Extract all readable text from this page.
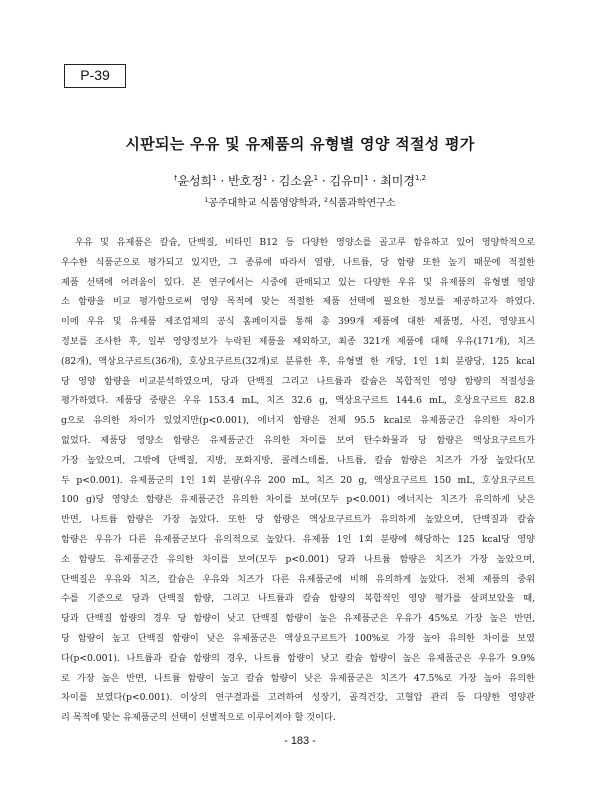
P-39
시판되는 우유 및 유제품의 유형별 영양 적절성 평가
†윤성희$^1$ · 반호정$^1$ · 김소윤$^1$ · 김유미$^1$ · 최미경$^{1,2}$
$^1$공주대학교 식품영양학과, $^2$식품과학연구소
　우유 및 유제품은 칼슘, 단백질, 비타민 B12 등 다양한 영양소를 골고루 함유하고 있어 영양학적으로
우수한 식품군으로 평가되고 있지만, 그 종류에 따라서 열량, 나트륨, 당 함량 또한 높기 때문에 적절한
제품 선택에 어려움이 있다. 본 연구에서는 시중에 판매되고 있는 다양한 우유 및 유제품의 유형별 영양
소 함량을 비교 평가함으로써 영양 목적에 맞는 적절한 제품 선택에 필요한 정보를 제공하고자 하였다.
이에 우유 및 유제품 제조업체의 공식 홈페이지를 통해 총 399개 제품에 대한 제품명, 사진, 영양표시
정보를 조사한 후, 일부 영양정보가 누락된 제품을 제외하고, 최종 321개 제품에 대해 우유(171개), 치즈
(82개), 액상요구르트(36개), 호상요구르트(32개)로 분류한 후, 유형별 한 개당, 1인 1회 분량당, 125 kcal
당 영양 함량을 비교분석하였으며, 당과 단백질 그리고 나트륨과 칼슘은 복합적인 영양 함량의 적절성을
평가하였다. 제품당 중량은 우유 153.4 mL, 치즈 32.6 g, 액상요구르트 144.6 mL, 호상요구르트 82.8
g으로 유의한 차이가 있었지만(p<0.001), 에너지 함량은 전체 95.5 kcal로 유제품군간 유의한 차이가
없었다. 제품당 영양소 함량은 유제품군간 유의한 차이를 보여 탄수화물과 당 함량은 액상요구르트가
가장 높았으며, 그밖에 단백질, 지방, 포화지방, 콜레스테롤, 나트륨, 칼슘 함량은 치즈가 가장 높았다(모
두 p<0.001). 유제품군의 1인 1회 분량(우유 200 mL, 치즈 20 g, 액상요구르트 150 mL, 호상요구르트
100 g)당 영양소 함량은 유제품군간 유의한 차이를 보여(모두 p<0.001) 에너지는 치즈가 유의하게 낮은
반면, 나트륨 함량은 가장 높았다. 또한 당 함량은 액상요구르트가 유의하게 높았으며, 단백질과 칼슘
함량은 우유가 다른 유제품군보다 유의적으로 높았다. 유제품 1인 1회 분량에 해당하는 125 kcal당 영양
소 함량도 유제품군간 유의한 차이를 보여(모두 p<0.001) 당과 나트륨 함량은 치즈가 가장 높았으며,
단백질은 우유와 치즈, 칼슘은 우유와 치즈가 다른 유제품군에 비해 유의하게 높았다. 전체 제품의 중위
수를 기준으로 당과 단백질 함량, 그리고 나트륨과 칼슘 함량의 복합적인 영양 평가를 살펴보았을 때,
당과 단백질 함량의 경우 당 함량이 낮고 단백질 함량이 높은 유제품군은 우유가 45%로 가장 높은 반면,
당 함량이 높고 단백질 함량이 낮은 유제품군은 액상요구르트가 100%로 가장 높아 유의한 차이를 보였
다(p<0.001). 나트륨과 칼슘 함량의 경우, 나트륨 함량이 낮고 칼슘 함량이 높은 유제품군은 우유가 9.9%
로 가장 높은 반면, 나트륨 함량이 높고 칼슘 함량이 낮은 유제품군은 치즈가 47.5%로 가장 높아 유의한
차이를 보였다(p<0.001). 이상의 연구결과를 고려하여 성장기, 골격건강, 고혈압 관리 등 다양한 영양관
리 목적에 맞는 유제품군의 선택이 선별적으로 이루어져야 할 것이다.
- 183 -
